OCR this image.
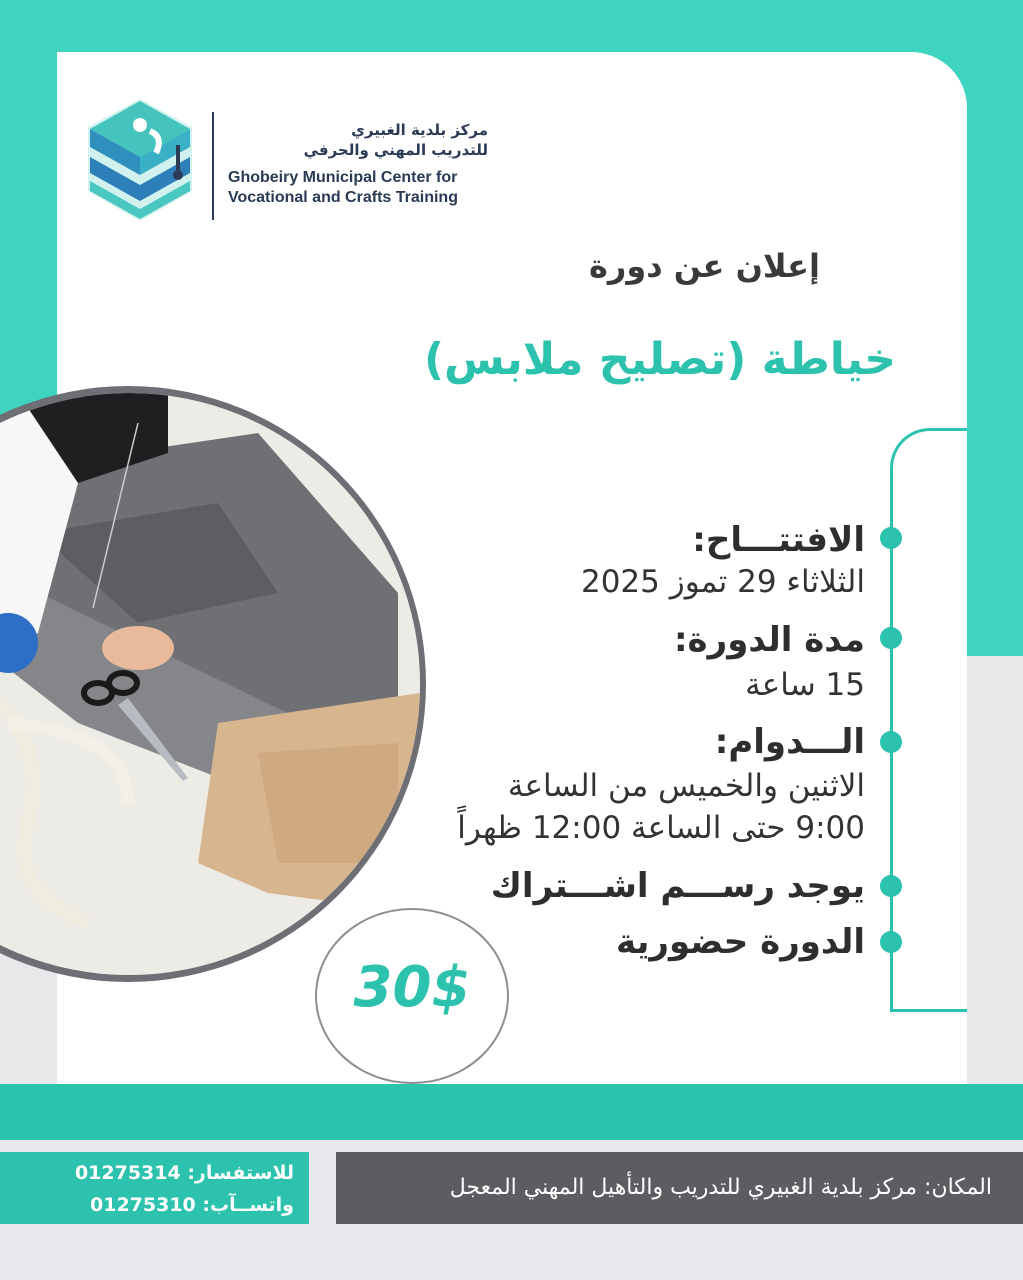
مركز بلدية الغبيري
للتدريب المهني والحرفي
Ghobeiry Municipal Center for
Vocational and Crafts Training
إعلان عن دورة
خياطة (تصليح ملابس)
30$
الافتتـــاح:
الثلاثاء 29 تموز 2025
مدة الدورة:
15 ساعة
الـــدوام:
الاثنين والخميس من الساعة
9:00 حتى الساعة 12:00 ظهراً
يوجد رســـم اشـــتراك
الدورة حضورية
للاستفسار: 01275314
واتســآب: 01275310
المكان: مركز بلدية الغبيري للتدريب والتأهيل المهني المعجل
